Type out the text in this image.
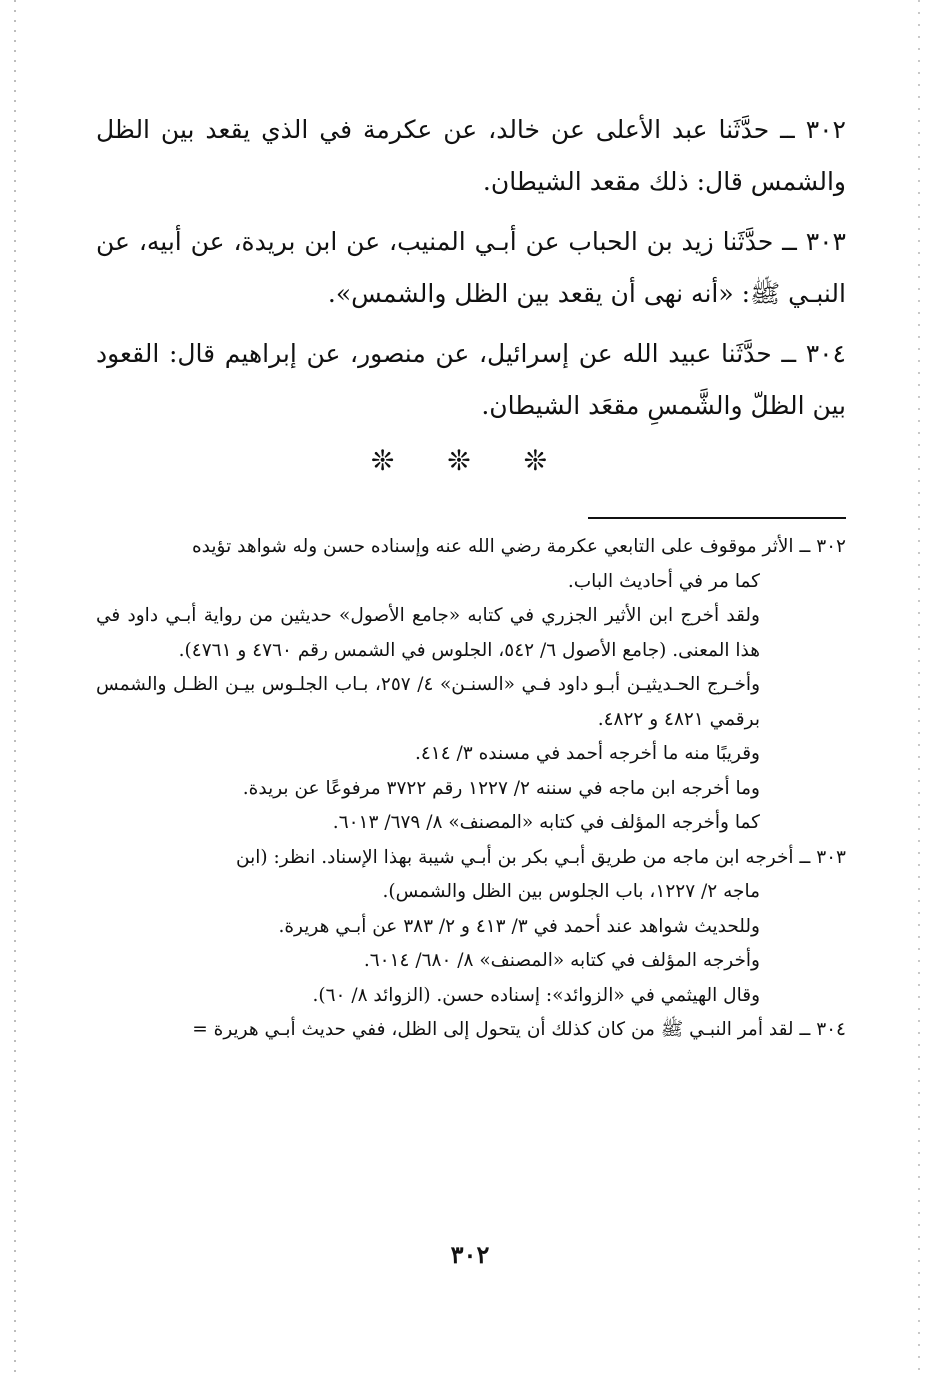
٣٠٢ ــ حدَّثَنا عبد الأعلى عن خالد، عن عكرمة في الذي يقعد بين الظل والشمس قال: ذلك مقعد الشيطان.

٣٠٣ ــ حدَّثَنا زيد بن الحباب عن أبـي المنيب، عن ابن بريدة، عن أبيه، عن النبـي ﷺ: «أنه نهى أن يقعد بين الظل والشمس».

٣٠٤ ــ حدَّثَنا عبيد الله عن إسرائيل، عن منصور، عن إبراهيم قال: القعود بين الظلّ والشَّمسِ مقعَد الشيطان.

❊ ❊ ❊
٣٠٢ ــ الأثر موقوف على التابعي عكرمة رضي الله عنه وإسناده حسن وله شواهد تؤيده
كما مر في أحاديث الباب.
ولقد أخرج ابن الأثير الجزري في كتابه «جامع الأصول» حديثين من رواية أبـي داود في هذا المعنى. (جامع الأصول ٦/ ٥٤٢، الجلوس في الشمس رقم ٤٧٦٠ و ٤٧٦١).
وأخـرج الحـديثيـن أبـو داود فـي «السنـن» ٤/ ٢٥٧، بـاب الجلـوس بيـن الظـل والشمس برقمي ٤٨٢١ و ٤٨٢٢.
وقريبًا منه ما أخرجه أحمد في مسنده ٣/ ٤١٤.
وما أخرجه ابن ماجه في سننه ٢/ ١٢٢٧ رقم ٣٧٢٢ مرفوعًا عن بريدة.
كما وأخرجه المؤلف في كتابه «المصنف» ٨/ ٦٧٩/ ٦٠١٣.
٣٠٣ ــ أخرجه ابن ماجه من طريق أبـي بكر بن أبـي شيبة بهذا الإسناد. انظر: (ابن
ماجه ٢/ ١٢٢٧، باب الجلوس بين الظل والشمس).
وللحديث شواهد عند أحمد في ٣/ ٤١٣ و ٢/ ٣٨٣ عن أبـي هريرة.
وأخرجه المؤلف في كتابه «المصنف» ٨/ ٦٨٠/ ٦٠١٤.
وقال الهيثمي في «الزوائد»: إسناده حسن. (الزوائد ٨/ ٦٠).
٣٠٤ ــ لقد أمر النبـي ﷺ من كان كذلك أن يتحول إلى الظل، ففي حديث أبـي هريرة =
٣٠٢
